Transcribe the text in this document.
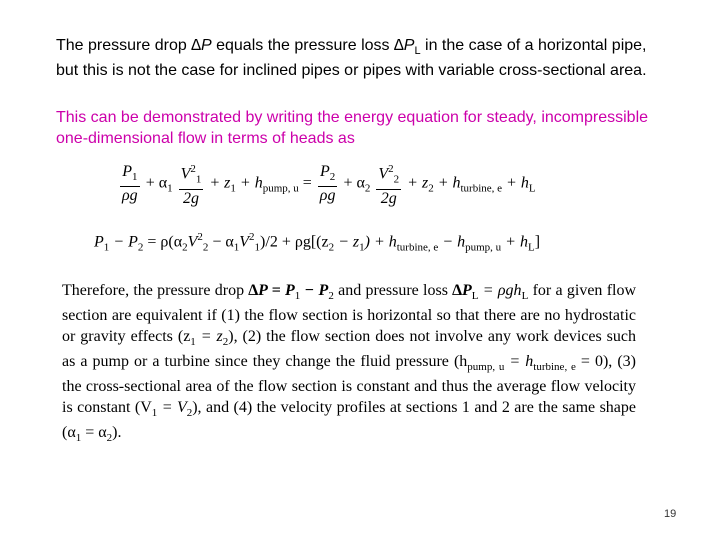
The pressure drop ∆P equals the pressure loss $\Delta P_L$ in the case of a horizontal pipe, but this is not the case for inclined pipes or pipes with variable cross-sectional area.
This can be demonstrated by writing the energy equation for steady, incompressible one-dimensional flow in terms of heads as
$\frac{P_1}{\rho g} + \alpha_1 \frac{V^2_1}{2g} + z_1 + h_{pump, u} = \frac{P_2}{\rho g} + \alpha_2 \frac{V^2_2}{2g} + z_2 + h_{turbine, e} + h_L$
$P_1 - P_2 = \rho(\alpha_2V^2_2 - \alpha_1V^2_1)/2 + \rho g[(z_2 - z_1) + h_{turbine, e} - h_{pump, u} + h_L]$
Therefore, the pressure drop $\Delta P = P_1 - P_2$ and pressure loss $\Delta P_L = \rho gh_L$ for a given flow section are equivalent if (1) the flow section is horizontal so that there are no hydrostatic or gravity effects $(z_1 = z_2)$, (2) the flow section does not involve any work devices such as a pump or a turbine since they change the fluid pressure $(h_{pump, u} = h_{turbine, e} = 0)$, (3) the cross-sectional area of the flow section is constant and thus the average flow velocity is constant $(V_1 = V_2)$, and (4) the velocity profiles at sections 1 and 2 are the same shape $(\alpha_1 = \alpha_2)$.
19
